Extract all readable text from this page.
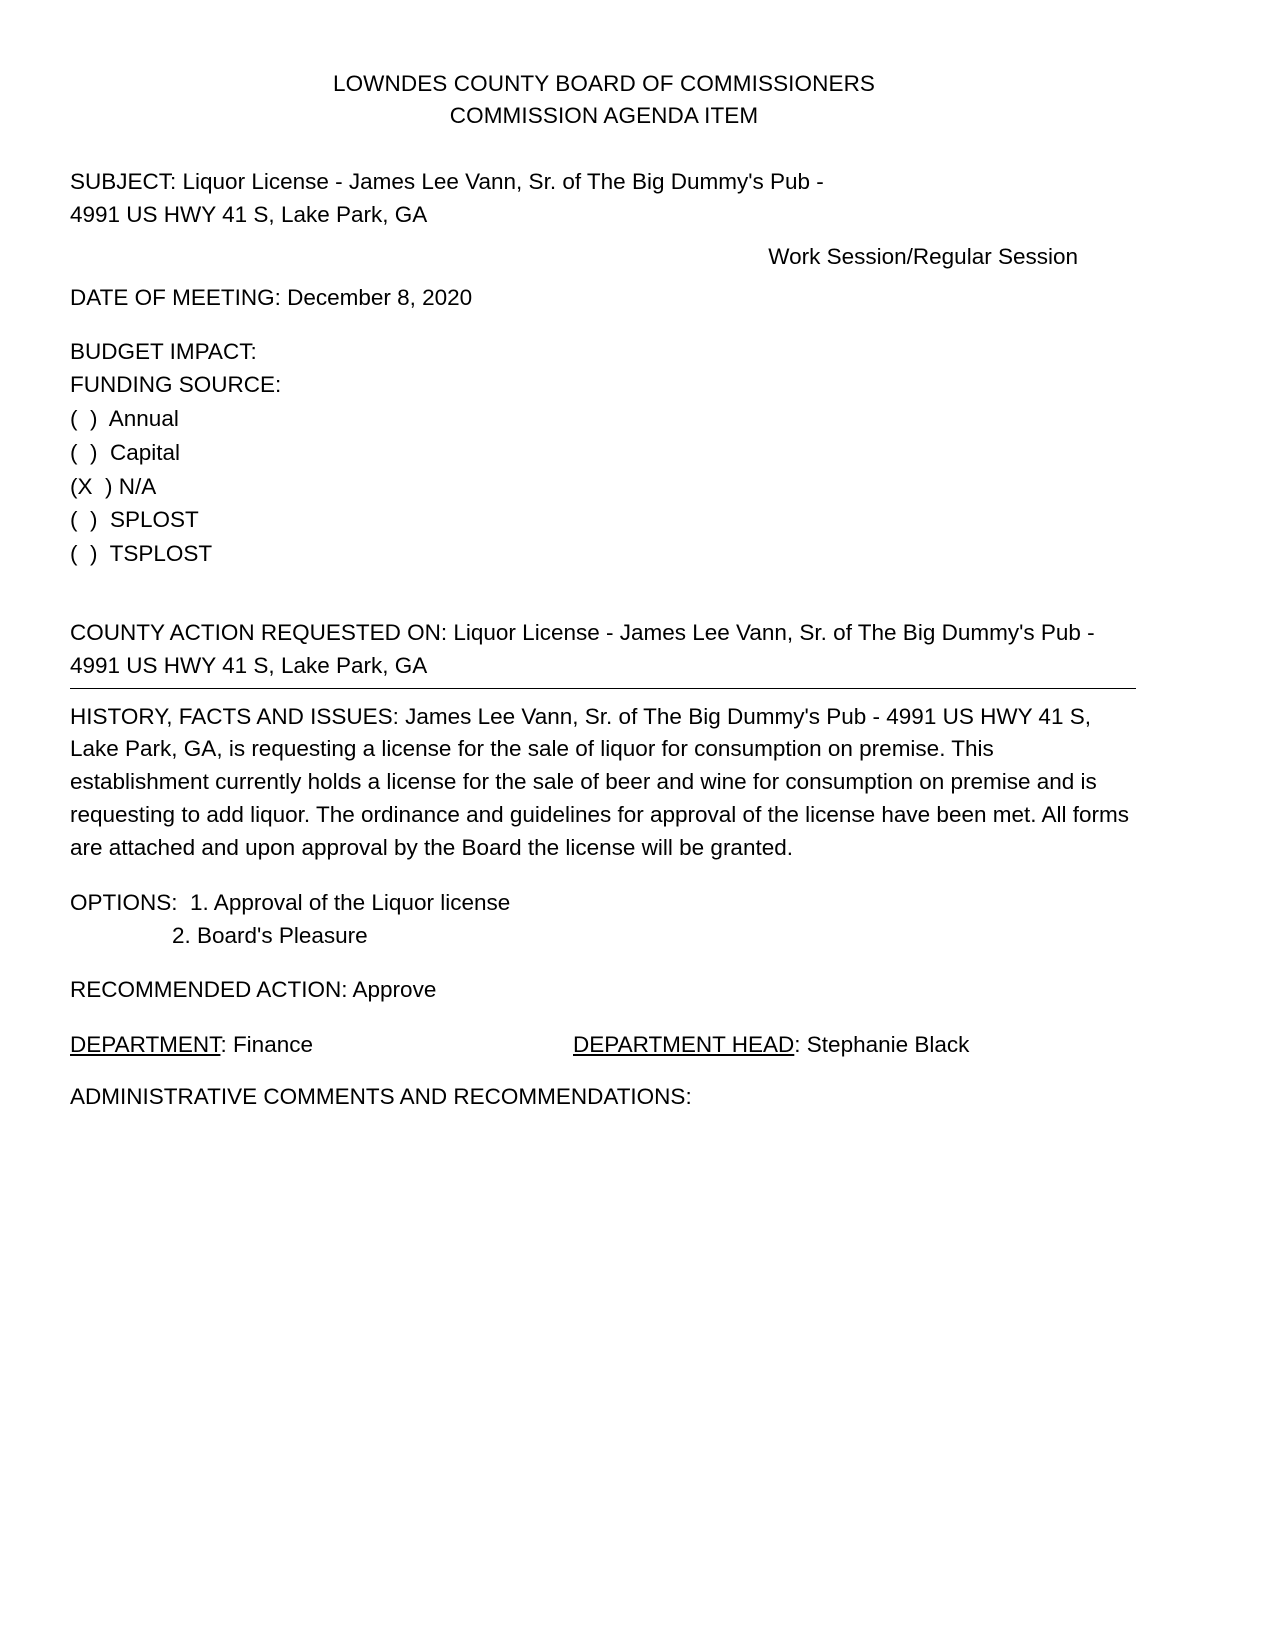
LOWNDES COUNTY BOARD OF COMMISSIONERS
COMMISSION AGENDA ITEM
SUBJECT: Liquor License - James Lee Vann, Sr. of The Big Dummy's Pub -
4991 US HWY 41 S, Lake Park, GA
Work Session/Regular Session
DATE OF MEETING: December 8, 2020
BUDGET IMPACT:
FUNDING SOURCE:
(  ) Annual
(  ) Capital
(X  ) N/A
(  ) SPLOST
(  ) TSPLOST
COUNTY ACTION REQUESTED ON: Liquor License - James Lee Vann, Sr. of The Big Dummy's Pub - 4991 US HWY 41 S, Lake Park, GA
HISTORY, FACTS AND ISSUES: James Lee Vann, Sr. of The Big Dummy's Pub - 4991 US HWY 41 S, Lake Park, GA, is requesting a license for the sale of liquor for consumption on premise. This establishment currently holds a license for the sale of beer and wine for consumption on premise and is requesting to add liquor. The ordinance and guidelines for approval of the license have been met. All forms are attached and upon approval by the Board the license will be granted.
OPTIONS: 1. Approval of the Liquor license
2. Board's Pleasure
RECOMMENDED ACTION: Approve
DEPARTMENT: Finance	DEPARTMENT HEAD: Stephanie Black
ADMINISTRATIVE COMMENTS AND RECOMMENDATIONS:
